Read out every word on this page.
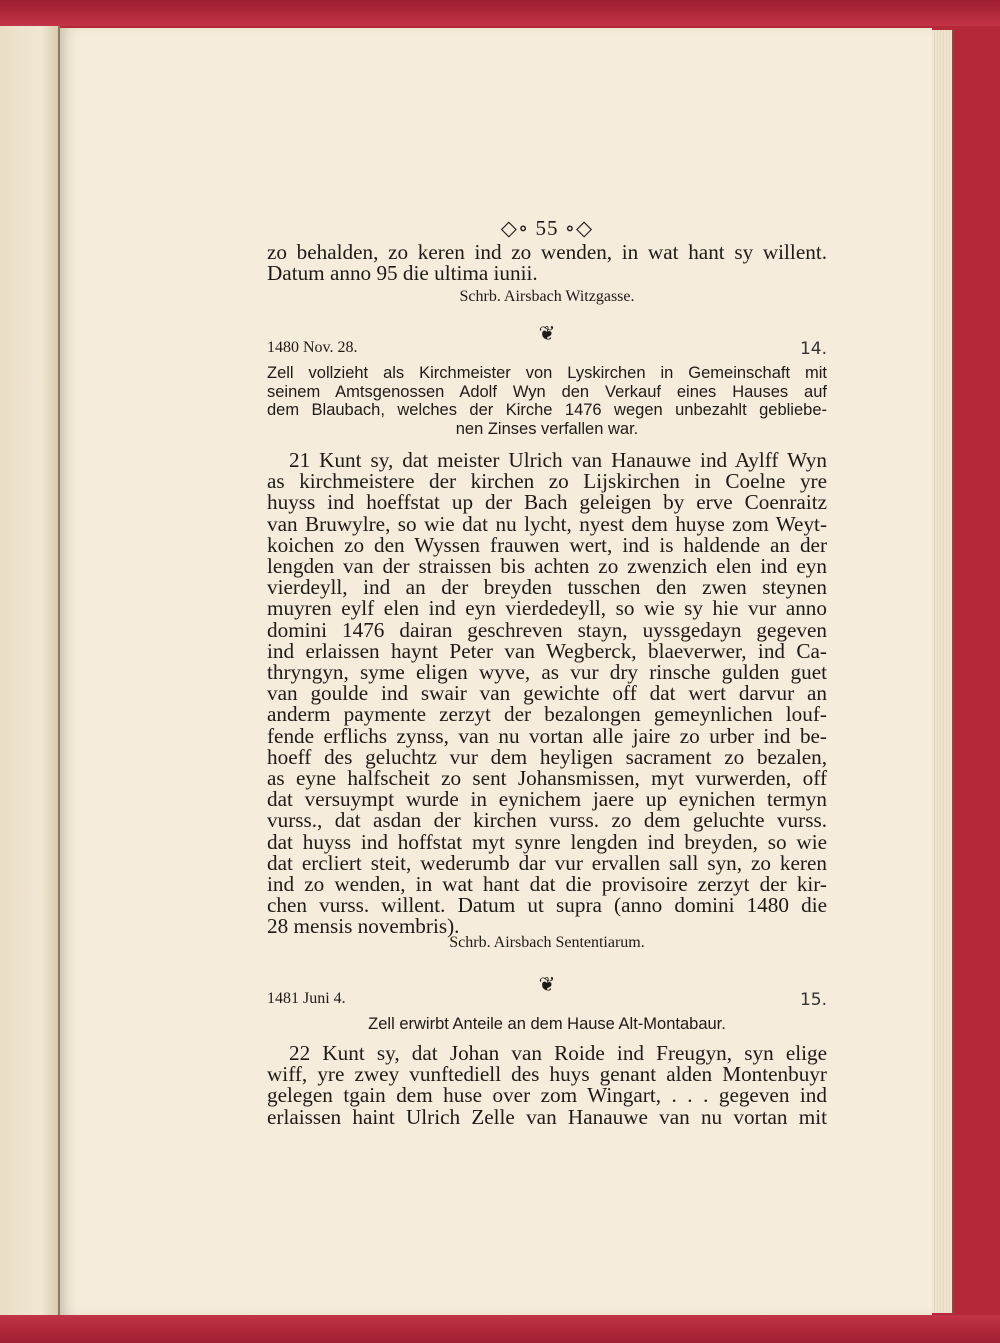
◇∘ 55 ∘◇
zo behalden, zo keren ind zo wenden, in wat hant sy willent.
Datum anno 95 die ultima iunii.
Schrb. Airsbach Witzgasse.
❦
1480 Nov. 28.	14.
Zell vollzieht als Kirchmeister von Lyskirchen in Gemeinschaft mit
seinem Amtsgenossen Adolf Wyn den Verkauf eines Hauses auf
dem Blaubach, welches der Kirche 1476 wegen unbezahlt gebliebe-
nen Zinses verfallen war.
21 Kunt sy, dat meister Ulrich van Hanauwe ind Aylff Wyn
as kirchmeistere der kirchen zo Lijskirchen in Coelne yre
huyss ind hoeffstat up der Bach geleigen by erve Coenraitz
van Bruwylre, so wie dat nu lycht, nyest dem huyse zom Weyt-
koichen zo den Wyssen frauwen wert, ind is haldende an der
lengden van der straissen bis achten zo zwenzich elen ind eyn
vierdeyll, ind an der breyden tusschen den zwen steynen
muyren eylf elen ind eyn vierdedeyll, so wie sy hie vur anno
domini 1476 dairan geschreven stayn, uyssgedayn gegeven
ind erlaissen haynt Peter van Wegberck, blaeverwer, ind Ca-
thryngyn, syme eligen wyve, as vur dry rinsche gulden guet
van goulde ind swair van gewichte off dat wert darvur an
anderm paymente zerzyt der bezalongen gemeynlichen louf-
fende erflichs zynss, van nu vortan alle jaire zo urber ind be-
hoeff des geluchtz vur dem heyligen sacrament zo bezalen,
as eyne halfscheit zo sent Johansmissen, myt vurwerden, off
dat versuympt wurde in eynichem jaere up eynichen termyn
vurss., dat asdan der kirchen vurss. zo dem geluchte vurss.
dat huyss ind hoffstat myt synre lengden ind breyden, so wie
dat ercliert steit, wederumb dar vur ervallen sall syn, zo keren
ind zo wenden, in wat hant dat die provisoire zerzyt der kir-
chen vurss. willent. Datum ut supra (anno domini 1480 die
28 mensis novembris).
Schrb. Airsbach Sententiarum.
❦
1481 Juni 4.	15.
Zell erwirbt Anteile an dem Hause Alt-Montabaur.
22 Kunt sy, dat Johan van Roide ind Freugyn, syn elige
wiff, yre zwey vunftediell des huys genant alden Montenbuyr
gelegen tgain dem huse over zom Wingart, . . . gegeven ind
erlaissen haint Ulrich Zelle van Hanauwe van nu vortan mit
